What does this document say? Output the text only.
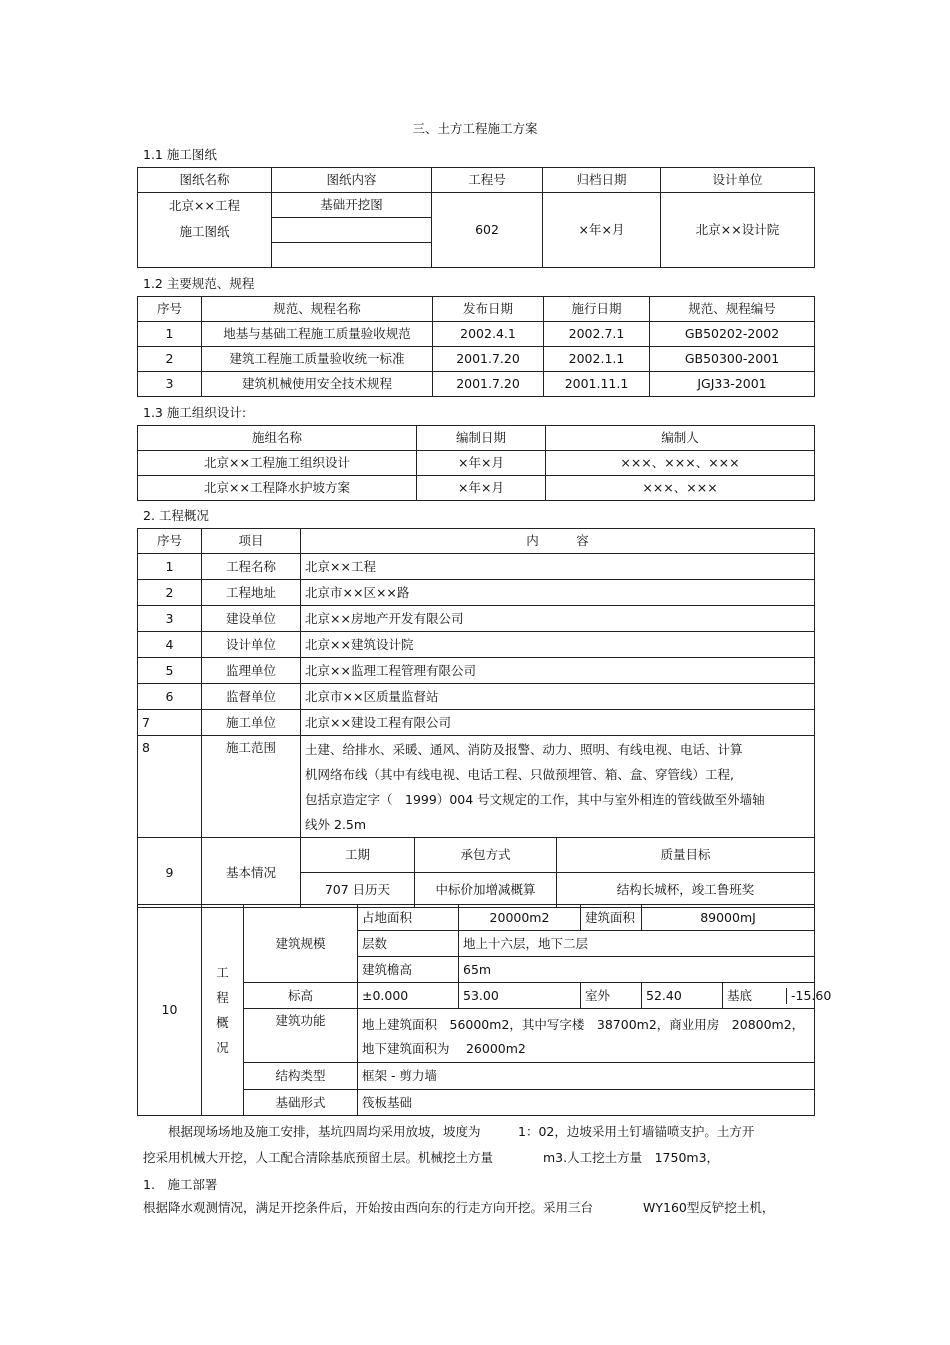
三、土方工程施工方案
1.1 施工图纸
图纸名称	图纸内容	工程号	归档日期	设计单位

北京××工程
施工图纸	基础开挖图	602	×年×月	北京××设计院

1.2 主要规范、规程
序号	规范、规程名称	发布日期	施行日期	规范、规程编号
1	地基与基础工程施工质量验收规范	2002.4.1	2002.7.1	GB50202-2002
2	建筑工程施工质量验收统一标准	2001.7.20	2002.1.1	GB50300-2001
3	建筑机械使用安全技术规程	2001.7.20	2001.11.1	JGJ33-2001
1.3 施工组织设计:
施组名称	编制日期	编制人
北京××工程施工组织设计	×年×月	×××、×××、×××
北京××工程降水护坡方案	×年×月	×××、×××
2. 工程概况
序号	项目	内　　　容		
1	工程名称	北京××工程		
2	工程地址	北京市××区××路		
3	建设单位	北京××房地产开发有限公司		
4	设计单位	北京××建筑设计院		
5	监理单位	北京××监理工程管理有限公司		
6	监督单位	北京市××区质量监督站		
7	施工单位	北京××建设工程有限公司		
8	施工范围	土建、给排水、采暖、通风、消防及报警、动力、照明、有线电视、电话、计算
机网络布线（其中有线电视、电话工程、只做预埋管、箱、盒、穿管线）工程,
包括京造定字（　1999）004 号文规定的工作，其中与室外相连的管线做至外墙轴
线外 2.5m		

9	基本情况	工期	承包方式	质量目标
		707 日历天	中标价加增减概算	结构长城杯，竣工鲁班奖
10	
工
程
概
况
	建筑规模	占地面积	20000m2	建筑面积	89000mJ
层数	地上十六层，地下二层
建筑檐高	65m
标高	±0.000	53.00	室外	52.40		基底	-15.60

建筑功能	地上建筑面积　56000m2，其中写字楼　38700m2，商业用房　20800m2，
地下建筑面积为　 26000m2

结构类型	框架 - 剪力墙
基础形式	筏板基础
　　根据现场场地及施工安排，基坑四周均采用放坡，坡度为　　　1：02，边坡采用土钉墙锚喷支护。土方开
挖采用机械大开挖，人工配合清除基底预留土层。机械挖土方量　　　　m3.人工挖土方量　1750m3，
1.　施工部署
根据降水观测情况，满足开挖条件后，开始按由西向东的行走方向开挖。采用三台　　　　WY160型反铲挖土机，
